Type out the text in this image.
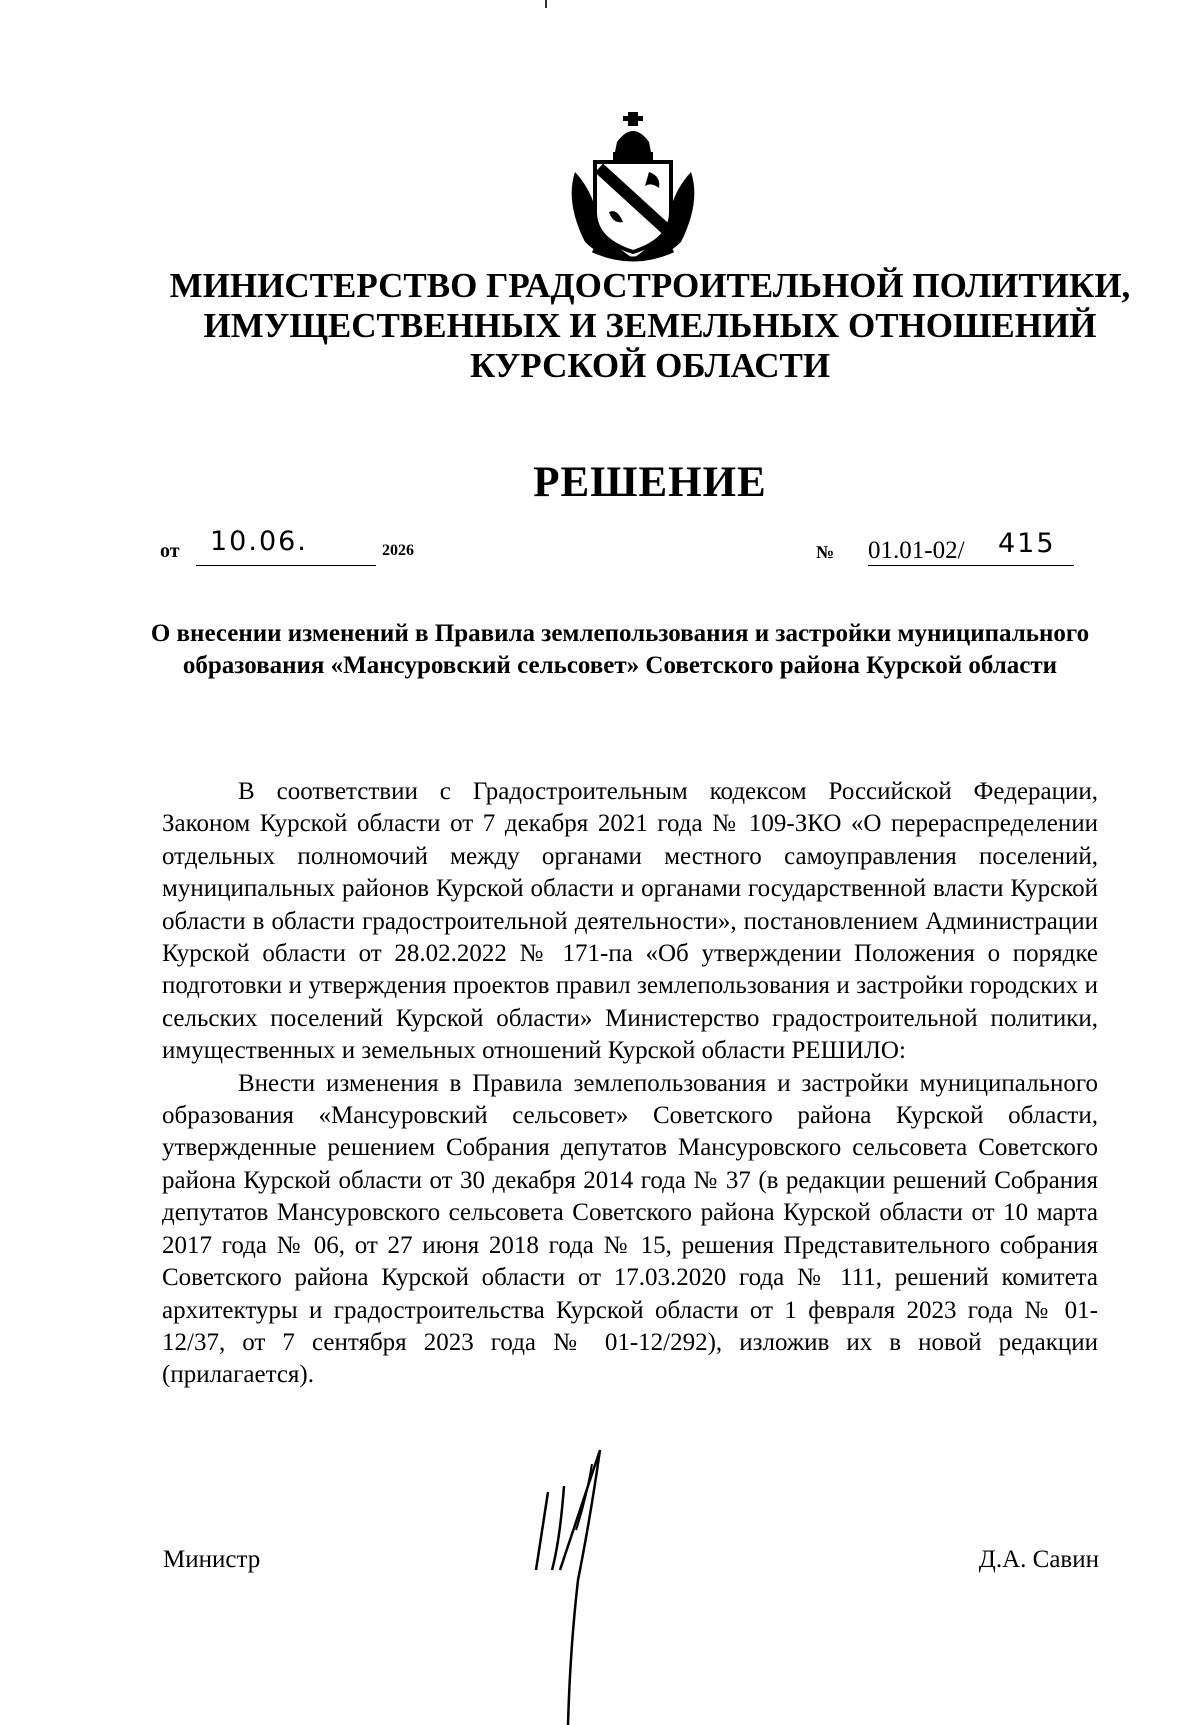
МИНИСТЕРСТВО ГРАДОСТРОИТЕЛЬНОЙ ПОЛИТИКИ,
ИМУЩЕСТВЕННЫХ И ЗЕМЕЛЬНЫХ ОТНОШЕНИЙ
КУРСКОЙ ОБЛАСТИ
РЕШЕНИЕ
от 10.06.	2026	№ 01.01-02/ 415
О внесении изменений в Правила землепользования и застройки муниципального образования «Мансуровский сельсовет» Советского района Курской области

В соответствии с Градостроительным кодексом Российской Федерации, Законом Курской области от 7 декабря 2021 года № 109-ЗКО «О перераспределении отдельных полномочий между органами местного самоуправления поселений, муниципальных районов Курской области и органами государственной власти Курской области в области градостроительной деятельности», постановлением Администрации Курской области от 28.02.2022 № 171-па «Об утверждении Положения о порядке подготовки и утверждения проектов правил землепользования и застройки городских и сельских поселений Курской области» Министерство градостроительной политики, имущественных и земельных отношений Курской области РЕШИЛО:

Внести изменения в Правила землепользования и застройки муниципального образования «Мансуровский сельсовет» Советского района Курской области, утвержденные решением Собрания депутатов Мансуровского сельсовета Советского района Курской области от 30 декабря 2014 года № 37 (в редакции решений Собрания депутатов Мансуровского сельсовета Советского района Курской области от 10 марта 2017 года № 06, от 27 июня 2018 года № 15, решения Представительного собрания Советского района Курской области от 17.03.2020 года № 111, решений комитета архитектуры и градостроительства Курской области от 1 февраля 2023 года № 01-12/37, от 7 сентября 2023 года № 01-12/292), изложив их в новой редакции (прилагается).

Министр	Д.А. Савин
